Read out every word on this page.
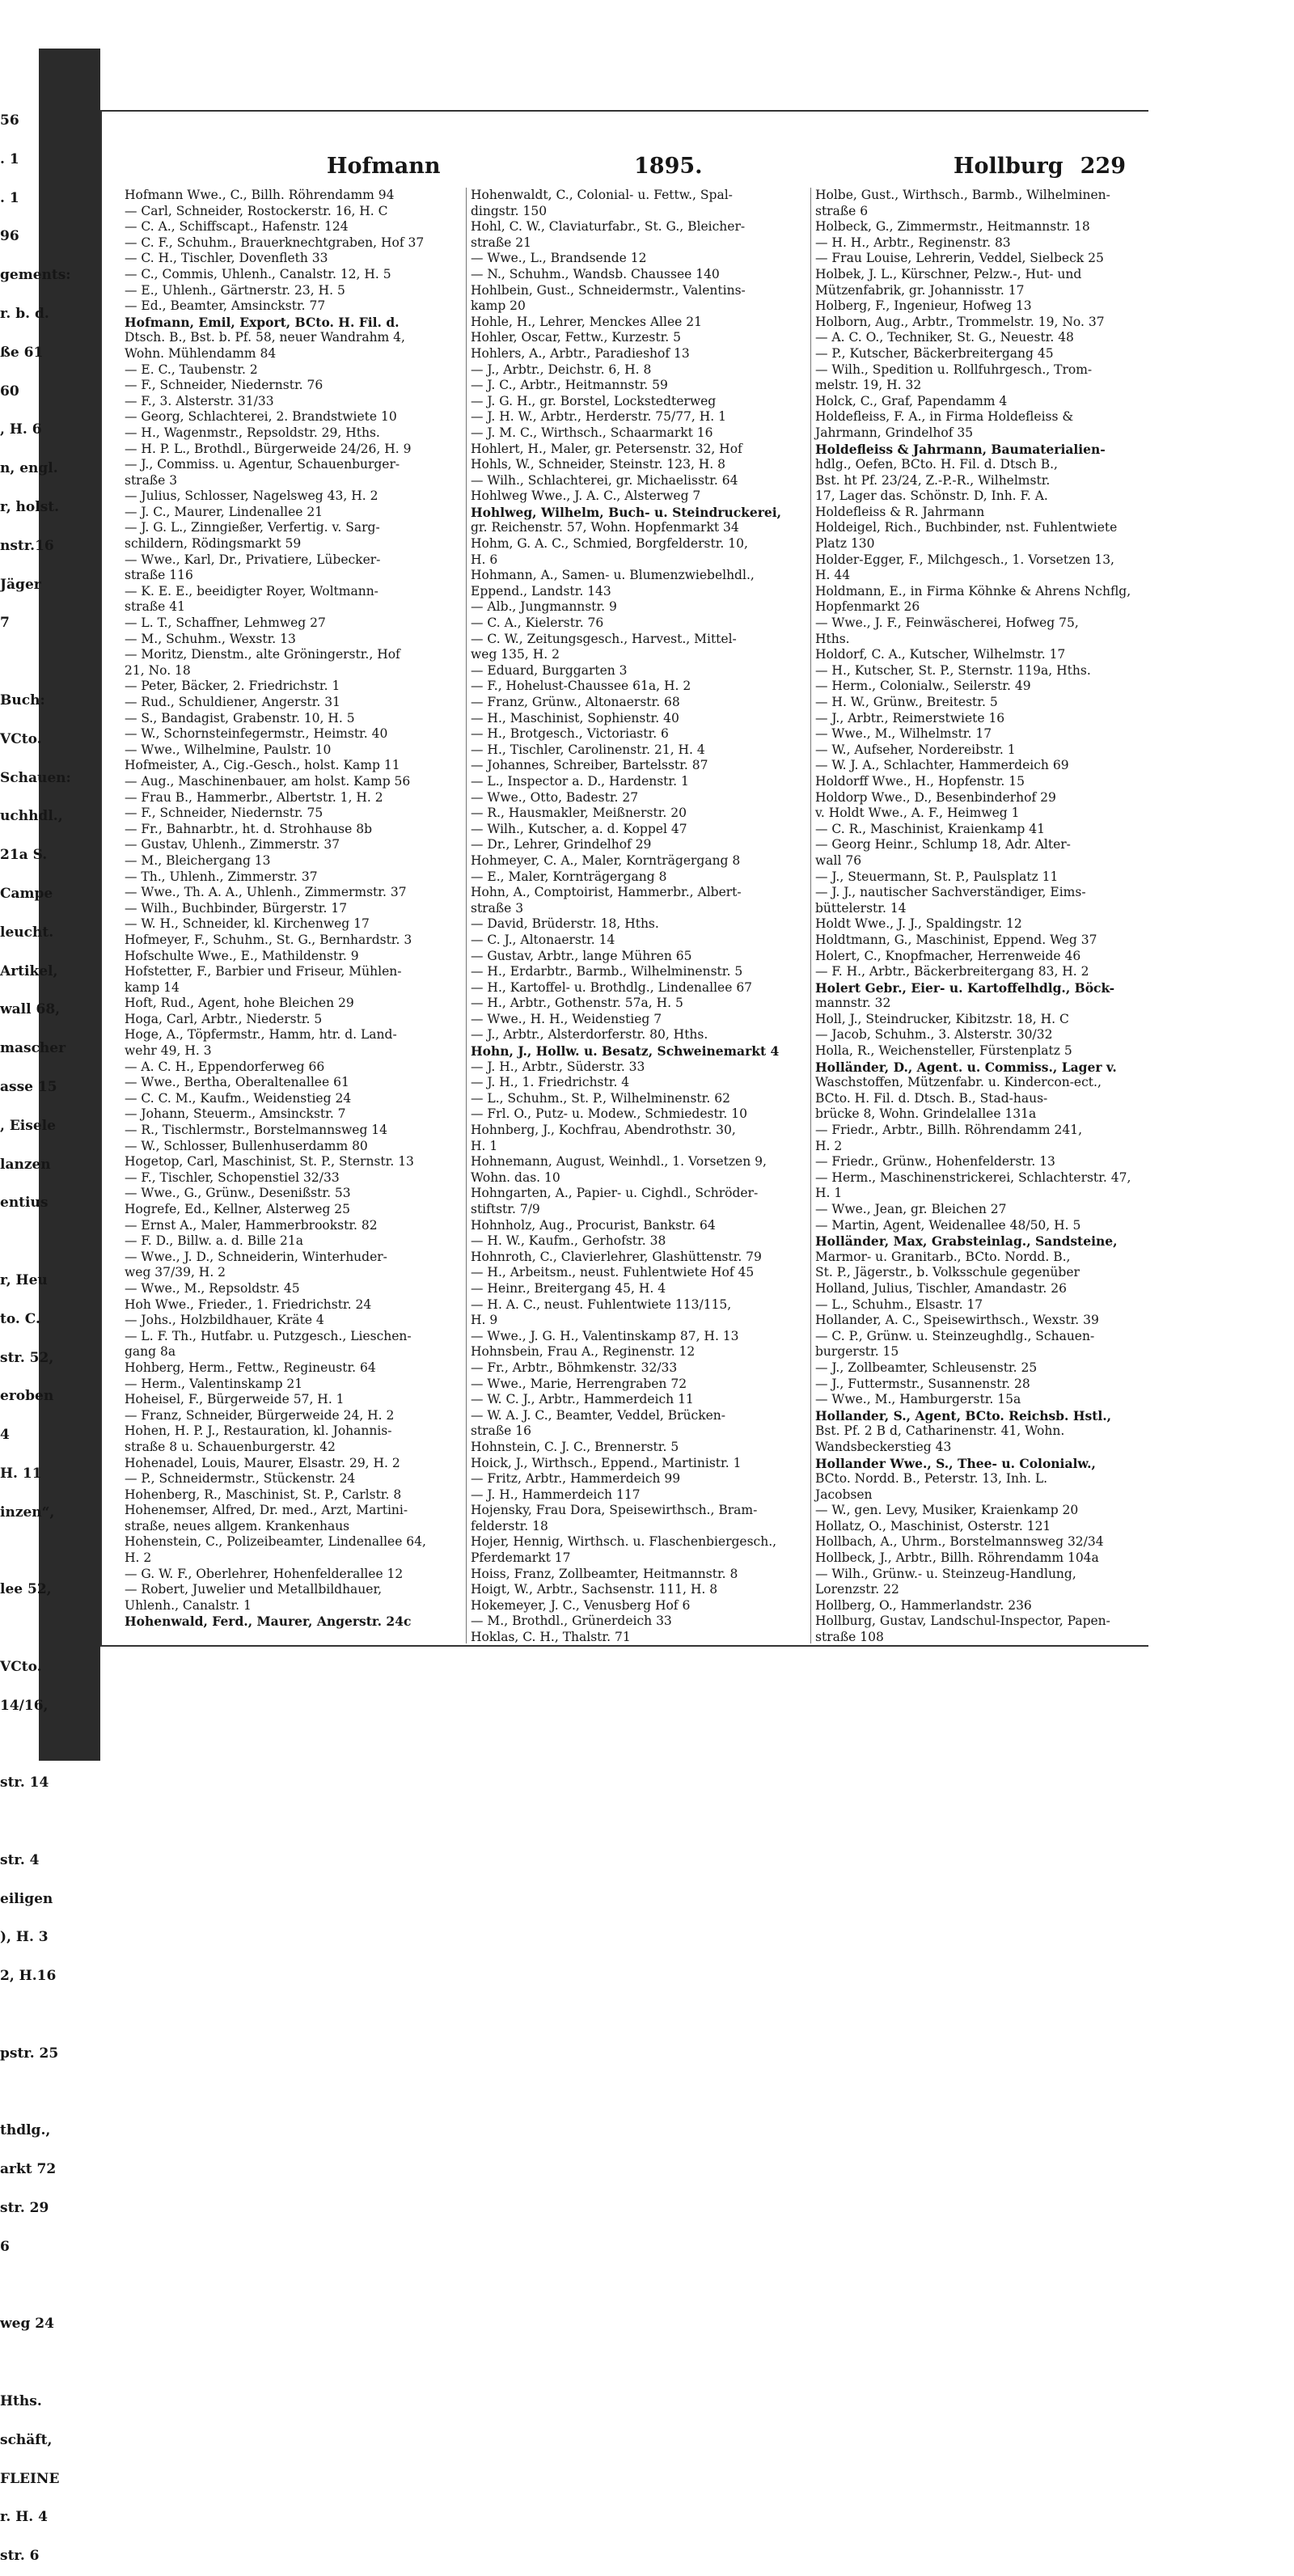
56
. 1
. 1
96
gements:
r. b. d.
ße 61
60
, H. 6
n, engl.
r, holst.
nstr.16
Jäger
7
Buch:
VCto.
Schauen:
uchhdl.,
21a S.
Campe
leucht.
Artikel,
wall 68,
mascher
asse 15
, Eisele
lanzen
entius
r, Heu
to. C.
str. 52,
eroben
4
H. 11
inzen“,
lee 52,
VCto.
14/16,
str. 14
str. 4
eiligen
), H. 3
2, H.16
pstr. 25
thdlg.,
arkt 72
str. 29
6
weg 24
Hths.
schäft,
FLEINE
r. H. 4
str. 6
Hofmann	1895.	Hollburg 229
Hofmann Wwe., C., Billh. Röhrendamm 94
— Carl, Schneider, Rostockerstr. 16, H. C
— C. A., Schiffscapt., Hafenstr. 124
— C. F., Schuhm., Brauerknechtgraben, Hof 37
— C. H., Tischler, Dovenfleth 33
— C., Commis, Uhlenh., Canalstr. 12, H. 5
— E., Uhlenh., Gärtnerstr. 23, H. 5
— Ed., Beamter, Amsinckstr. 77
Hofmann, Emil, Export, BCto. H. Fil. d.
Dtsch. B., Bst. b. Pf. 58, neuer Wandrahm 4,
Wohn. Mühlendamm 84
— E. C., Taubenstr. 2
— F., Schneider, Niedernstr. 76
— F., 3. Alsterstr. 31/33
— Georg, Schlachterei, 2. Brandstwiete 10
— H., Wagenmstr., Repsoldstr. 29, Hths.
— H. P. L., Brothdl., Bürgerweide 24/26, H. 9
— J., Commiss. u. Agentur, Schauenburger-
straße 3
— Julius, Schlosser, Nagelsweg 43, H. 2
— J. C., Maurer, Lindenallee 21
— J. G. L., Zinngießer, Verfertig. v. Sarg-
schildern, Rödingsmarkt 59
— Wwe., Karl, Dr., Privatiere, Lübecker-
straße 116
— K. E. E., beeidigter Royer, Woltmann-
straße 41
— L. T., Schaffner, Lehmweg 27
— M., Schuhm., Wexstr. 13
— Moritz, Dienstm., alte Gröningerstr., Hof
21, No. 18
— Peter, Bäcker, 2. Friedrichstr. 1
— Rud., Schuldiener, Angerstr. 31
— S., Bandagist, Grabenstr. 10, H. 5
— W., Schornsteinfegermstr., Heimstr. 40
— Wwe., Wilhelmine, Paulstr. 10
Hofmeister, A., Cig.-Gesch., holst. Kamp 11
— Aug., Maschinenbauer, am holst. Kamp 56
— Frau B., Hammerbr., Albertstr. 1, H. 2
— F., Schneider, Niedernstr. 75
— Fr., Bahnarbtr., ht. d. Strohhause 8b
— Gustav, Uhlenh., Zimmerstr. 37
— M., Bleichergang 13
— Th., Uhlenh., Zimmerstr. 37
— Wwe., Th. A. A., Uhlenh., Zimmermstr. 37
— Wilh., Buchbinder, Bürgerstr. 17
— W. H., Schneider, kl. Kirchenweg 17
Hofmeyer, F., Schuhm., St. G., Bernhardstr. 3
Hofschulte Wwe., E., Mathildenstr. 9
Hofstetter, F., Barbier und Friseur, Mühlen-
kamp 14
Hoft, Rud., Agent, hohe Bleichen 29
Hoga, Carl, Arbtr., Niederstr. 5
Hoge, A., Töpfermstr., Hamm, htr. d. Land-
wehr 49, H. 3
— A. C. H., Eppendorferweg 66
— Wwe., Bertha, Oberaltenallee 61
— C. C. M., Kaufm., Weidenstieg 24
— Johann, Steuerm., Amsinckstr. 7
— R., Tischlermstr., Borstelmannsweg 14
— W., Schlosser, Bullenhuserdamm 80
Hogetop, Carl, Maschinist, St. P., Sternstr. 13
— F., Tischler, Schopenstiel 32/33
— Wwe., G., Grünw., Desenißstr. 53
Hogrefe, Ed., Kellner, Alsterweg 25
— Ernst A., Maler, Hammerbrookstr. 82
— F. D., Billw. a. d. Bille 21a
— Wwe., J. D., Schneiderin, Winterhuder-
weg 37/39, H. 2
— Wwe., M., Repsoldstr. 45
Hoh Wwe., Frieder., 1. Friedrichstr. 24
— Johs., Holzbildhauer, Kräte 4
— L. F. Th., Hutfabr. u. Putzgesch., Lieschen-
gang 8a
Hohberg, Herm., Fettw., Regineustr. 64
— Herm., Valentinskamp 21
Hoheisel, F., Bürgerweide 57, H. 1
— Franz, Schneider, Bürgerweide 24, H. 2
Hohen, H. P. J., Restauration, kl. Johannis-
straße 8 u. Schauenburgerstr. 42
Hohenadel, Louis, Maurer, Elsastr. 29, H. 2
— P., Schneidermstr., Stückenstr. 24
Hohenberg, R., Maschinist, St. P., Carlstr. 8
Hohenemser, Alfred, Dr. med., Arzt, Martini-
straße, neues allgem. Krankenhaus
Hohenstein, C., Polizeibeamter, Lindenallee 64,
H. 2
— G. W. F., Oberlehrer, Hohenfelderallee 12
— Robert, Juwelier und Metallbildhauer,
Uhlenh., Canalstr. 1
Hohenwald, Ferd., Maurer, Angerstr. 24c
Hohenwaldt, C., Colonial- u. Fettw., Spal-
dingstr. 150
Hohl, C. W., Claviaturfabr., St. G., Bleicher-
straße 21
— Wwe., L., Brandsende 12
— N., Schuhm., Wandsb. Chaussee 140
Hohlbein, Gust., Schneidermstr., Valentins-
kamp 20
Hohle, H., Lehrer, Menckes Allee 21
Hohler, Oscar, Fettw., Kurzestr. 5
Hohlers, A., Arbtr., Paradieshof 13
— J., Arbtr., Deichstr. 6, H. 8
— J. C., Arbtr., Heitmannstr. 59
— J. G. H., gr. Borstel, Lockstedterweg
— J. H. W., Arbtr., Herderstr. 75/77, H. 1
— J. M. C., Wirthsch., Schaarmarkt 16
Hohlert, H., Maler, gr. Petersenstr. 32, Hof
Hohls, W., Schneider, Steinstr. 123, H. 8
— Wilh., Schlachterei, gr. Michaelisstr. 64
Hohlweg Wwe., J. A. C., Alsterweg 7
Hohlweg, Wilhelm, Buch- u. Steindruckerei,
gr. Reichenstr. 57, Wohn. Hopfenmarkt 34
Hohm, G. A. C., Schmied, Borgfelderstr. 10,
H. 6
Hohmann, A., Samen- u. Blumenzwiebelhdl.,
Eppend., Landstr. 143
— Alb., Jungmannstr. 9
— C. A., Kielerstr. 76
— C. W., Zeitungsgesch., Harvest., Mittel-
weg 135, H. 2
— Eduard, Burggarten 3
— F., Hohelust-Chaussee 61a, H. 2
— Franz, Grünw., Altonaerstr. 68
— H., Maschinist, Sophienstr. 40
— H., Brotgesch., Victoriastr. 6
— H., Tischler, Carolinenstr. 21, H. 4
— Johannes, Schreiber, Bartelsstr. 87
— L., Inspector a. D., Hardenstr. 1
— Wwe., Otto, Badestr. 27
— R., Hausmakler, Meißnerstr. 20
— Wilh., Kutscher, a. d. Koppel 47
— Dr., Lehrer, Grindelhof 29
Hohmeyer, C. A., Maler, Kornträgergang 8
— E., Maler, Kornträgergang 8
Hohn, A., Comptoirist, Hammerbr., Albert-
straße 3
— David, Brüderstr. 18, Hths.
— C. J., Altonaerstr. 14
— Gustav, Arbtr., lange Mühren 65
— H., Erdarbtr., Barmb., Wilhelminenstr. 5
— H., Kartoffel- u. Brothdlg., Lindenallee 67
— H., Arbtr., Gothenstr. 57a, H. 5
— Wwe., H. H., Weidenstieg 7
— J., Arbtr., Alsterdorferstr. 80, Hths.
Hohn, J., Hollw. u. Besatz, Schweinemarkt 4
— J. H., Arbtr., Süderstr. 33
— J. H., 1. Friedrichstr. 4
— L., Schuhm., St. P., Wilhelminenstr. 62
— Frl. O., Putz- u. Modew., Schmiedestr. 10
Hohnberg, J., Kochfrau, Abendrothstr. 30,
H. 1
Hohnemann, August, Weinhdl., 1. Vorsetzen 9,
Wohn. das. 10
Hohngarten, A., Papier- u. Cighdl., Schröder-
stiftstr. 7/9
Hohnholz, Aug., Procurist, Bankstr. 64
— H. W., Kaufm., Gerhofstr. 38
Hohnroth, C., Clavierlehrer, Glashüttenstr. 79
— H., Arbeitsm., neust. Fuhlentwiete Hof 45
— Heinr., Breitergang 45, H. 4
— H. A. C., neust. Fuhlentwiete 113/115,
H. 9
— Wwe., J. G. H., Valentinskamp 87, H. 13
Hohnsbein, Frau A., Reginenstr. 12
— Fr., Arbtr., Böhmkenstr. 32/33
— Wwe., Marie, Herrengraben 72
— W. C. J., Arbtr., Hammerdeich 11
— W. A. J. C., Beamter, Veddel, Brücken-
straße 16
Hohnstein, C. J. C., Brennerstr. 5
Hoick, J., Wirthsch., Eppend., Martinistr. 1
— Fritz, Arbtr., Hammerdeich 99
— J. H., Hammerdeich 117
Hojensky, Frau Dora, Speisewirthsch., Bram-
felderstr. 18
Hojer, Hennig, Wirthsch. u. Flaschenbiergesch.,
Pferdemarkt 17
Hoiss, Franz, Zollbeamter, Heitmannstr. 8
Hoigt, W., Arbtr., Sachsenstr. 111, H. 8
Hokemeyer, J. C., Venusberg Hof 6
— M., Brothdl., Grünerdeich 33
Hoklas, C. H., Thalstr. 71
Holbe, Gust., Wirthsch., Barmb., Wilhelminen-
straße 6
Holbeck, G., Zimmermstr., Heitmannstr. 18
— H. H., Arbtr., Reginenstr. 83
— Frau Louise, Lehrerin, Veddel, Sielbeck 25
Holbek, J. L., Kürschner, Pelzw.-, Hut- und
Mützenfabrik, gr. Johannisstr. 17
Holberg, F., Ingenieur, Hofweg 13
Holborn, Aug., Arbtr., Trommelstr. 19, No. 37
— A. C. O., Techniker, St. G., Neuestr. 48
— P., Kutscher, Bäckerbreitergang 45
— Wilh., Spedition u. Rollfuhrgesch., Trom-
melstr. 19, H. 32
Holck, C., Graf, Papendamm 4
Holdefleiss, F. A., in Firma Holdefleiss &
Jahrmann, Grindelhof 35
Holdefleiss & Jahrmann, Baumaterialien-
hdlg., Oefen, BCto. H. Fil. d. Dtsch B.,
Bst. ht Pf. 23/24, Z.-P.-R., Wilhelmstr.
17, Lager das. Schönstr. D, Inh. F. A.
Holdefleiss & R. Jahrmann
Holdeigel, Rich., Buchbinder, nst. Fuhlentwiete
Platz 130
Holder-Egger, F., Milchgesch., 1. Vorsetzen 13,
H. 44
Holdmann, E., in Firma Köhnke & Ahrens Nchflg,
Hopfenmarkt 26
— Wwe., J. F., Feinwäscherei, Hofweg 75,
Hths.
Holdorf, C. A., Kutscher, Wilhelmstr. 17
— H., Kutscher, St. P., Sternstr. 119a, Hths.
— Herm., Colonialw., Seilerstr. 49
— H. W., Grünw., Breitestr. 5
— J., Arbtr., Reimerstwiete 16
— Wwe., M., Wilhelmstr. 17
— W., Aufseher, Nordereibstr. 1
— W. J. A., Schlachter, Hammerdeich 69
Holdorff Wwe., H., Hopfenstr. 15
Holdorp Wwe., D., Besenbinderhof 29
v. Holdt Wwe., A. F., Heimweg 1
— C. R., Maschinist, Kraienkamp 41
— Georg Heinr., Schlump 18, Adr. Alter-
wall 76
— J., Steuermann, St. P., Paulsplatz 11
— J. J., nautischer Sachverständiger, Eims-
büttelerstr. 14
Holdt Wwe., J. J., Spaldingstr. 12
Holdtmann, G., Maschinist, Eppend. Weg 37
Holert, C., Knopfmacher, Herrenweide 46
— F. H., Arbtr., Bäckerbreitergang 83, H. 2
Holert Gebr., Eier- u. Kartoffelhdlg., Böck-
mannstr. 32
Holl, J., Steindrucker, Kibitzstr. 18, H. C
— Jacob, Schuhm., 3. Alsterstr. 30/32
Holla, R., Weichensteller, Fürstenplatz 5
Holländer, D., Agent. u. Commiss., Lager v.
Waschstoffen, Mützenfabr. u. Kindercon-ect.,
BCto. H. Fil. d. Dtsch. B., Stad-haus-
brücke 8, Wohn. Grindelallee 131a
— Friedr., Arbtr., Billh. Röhrendamm 241,
H. 2
— Friedr., Grünw., Hohenfelderstr. 13
— Herm., Maschinenstrickerei, Schlachterstr. 47,
H. 1
— Wwe., Jean, gr. Bleichen 27
— Martin, Agent, Weidenallee 48/50, H. 5
Holländer, Max, Grabsteinlag., Sandsteine,
Marmor- u. Granitarb., BCto. Nordd. B.,
St. P., Jägerstr., b. Volksschule gegenüber
Holland, Julius, Tischler, Amandastr. 26
— L., Schuhm., Elsastr. 17
Hollander, A. C., Speisewirthsch., Wexstr. 39
— C. P., Grünw. u. Steinzeughdlg., Schauen-
burgerstr. 15
— J., Zollbeamter, Schleusenstr. 25
— J., Futtermstr., Susannenstr. 28
— Wwe., M., Hamburgerstr. 15a
Hollander, S., Agent, BCto. Reichsb. Hstl.,
Bst. Pf. 2 B d, Catharinenstr. 41, Wohn.
Wandsbeckerstieg 43
Hollander Wwe., S., Thee- u. Colonialw.,
BCto. Nordd. B., Peterstr. 13, Inh. L.
Jacobsen
— W., gen. Levy, Musiker, Kraienkamp 20
Hollatz, O., Maschinist, Osterstr. 121
Hollbach, A., Uhrm., Borstelmannsweg 32/34
Hollbeck, J., Arbtr., Billh. Röhrendamm 104a
— Wilh., Grünw.- u. Steinzeug-Handlung,
Lorenzstr. 22
Hollberg, O., Hammerlandstr. 236
Hollburg, Gustav, Landschul-Inspector, Papen-
straße 108
